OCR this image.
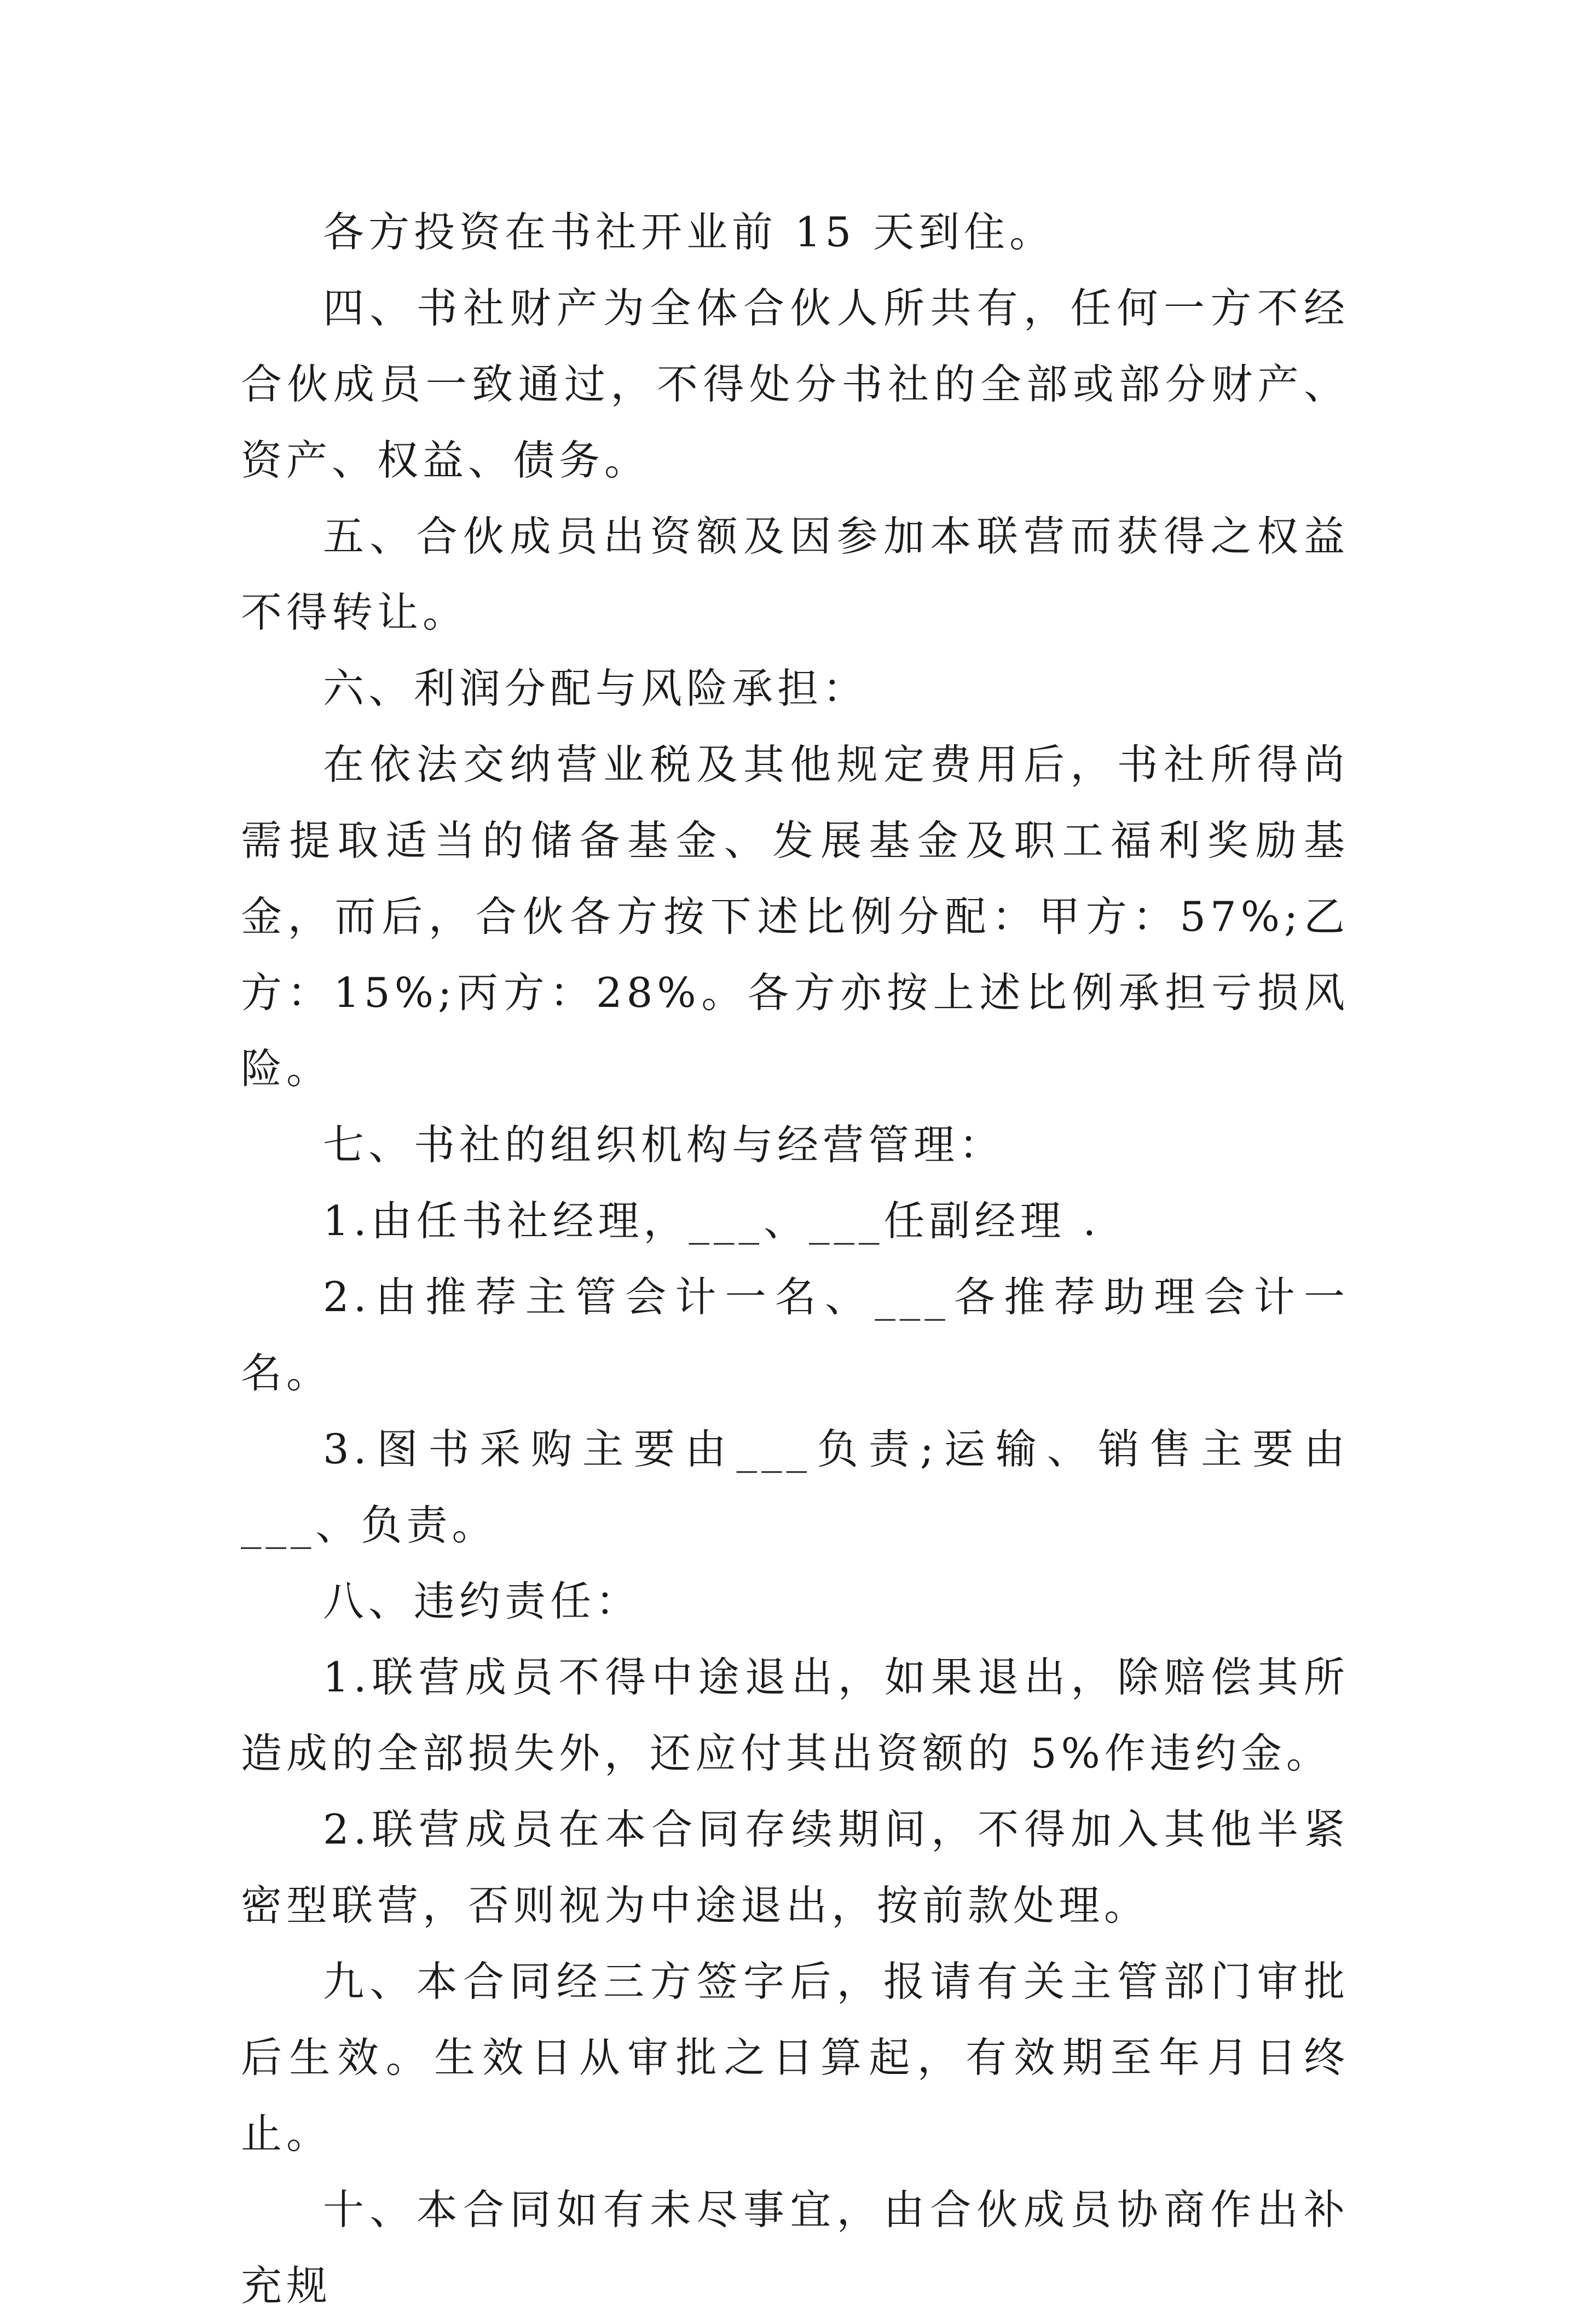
各方投资在书社开业前 15 天到住。

四、书社财产为全体合伙人所共有，任何一方不经合伙成员一致通过，不得处分书社的全部或部分财产、资产、权益、债务。

五、合伙成员出资额及因参加本联营而获得之权益不得转让。

六、利润分配与风险承担：

在依法交纳营业税及其他规定费用后，书社所得尚需提取适当的储备基金、发展基金及职工福利奖励基金，而后，合伙各方按下述比例分配：甲方：57%;乙方：15%;丙方：28%。各方亦按上述比例承担亏损风险。

七、书社的组织机构与经营管理：

1.由任书社经理，___、___任副经理 .

2.由推荐主管会计一名、___各推荐助理会计一名。

3.图书采购主要由___负责;运输、销售主要由___、负责。

八、违约责任：

1.联营成员不得中途退出，如果退出，除赔偿其所造成的全部损失外，还应付其出资额的 5%作违约金。

2.联营成员在本合同存续期间，不得加入其他半紧密型联营，否则视为中途退出，按前款处理。

九、本合同经三方签字后，报请有关主管部门审批后生效。生效日从审批之日算起，有效期至年月日终止。

十、本合同如有未尽事宜，由合伙成员协商作出补充规
